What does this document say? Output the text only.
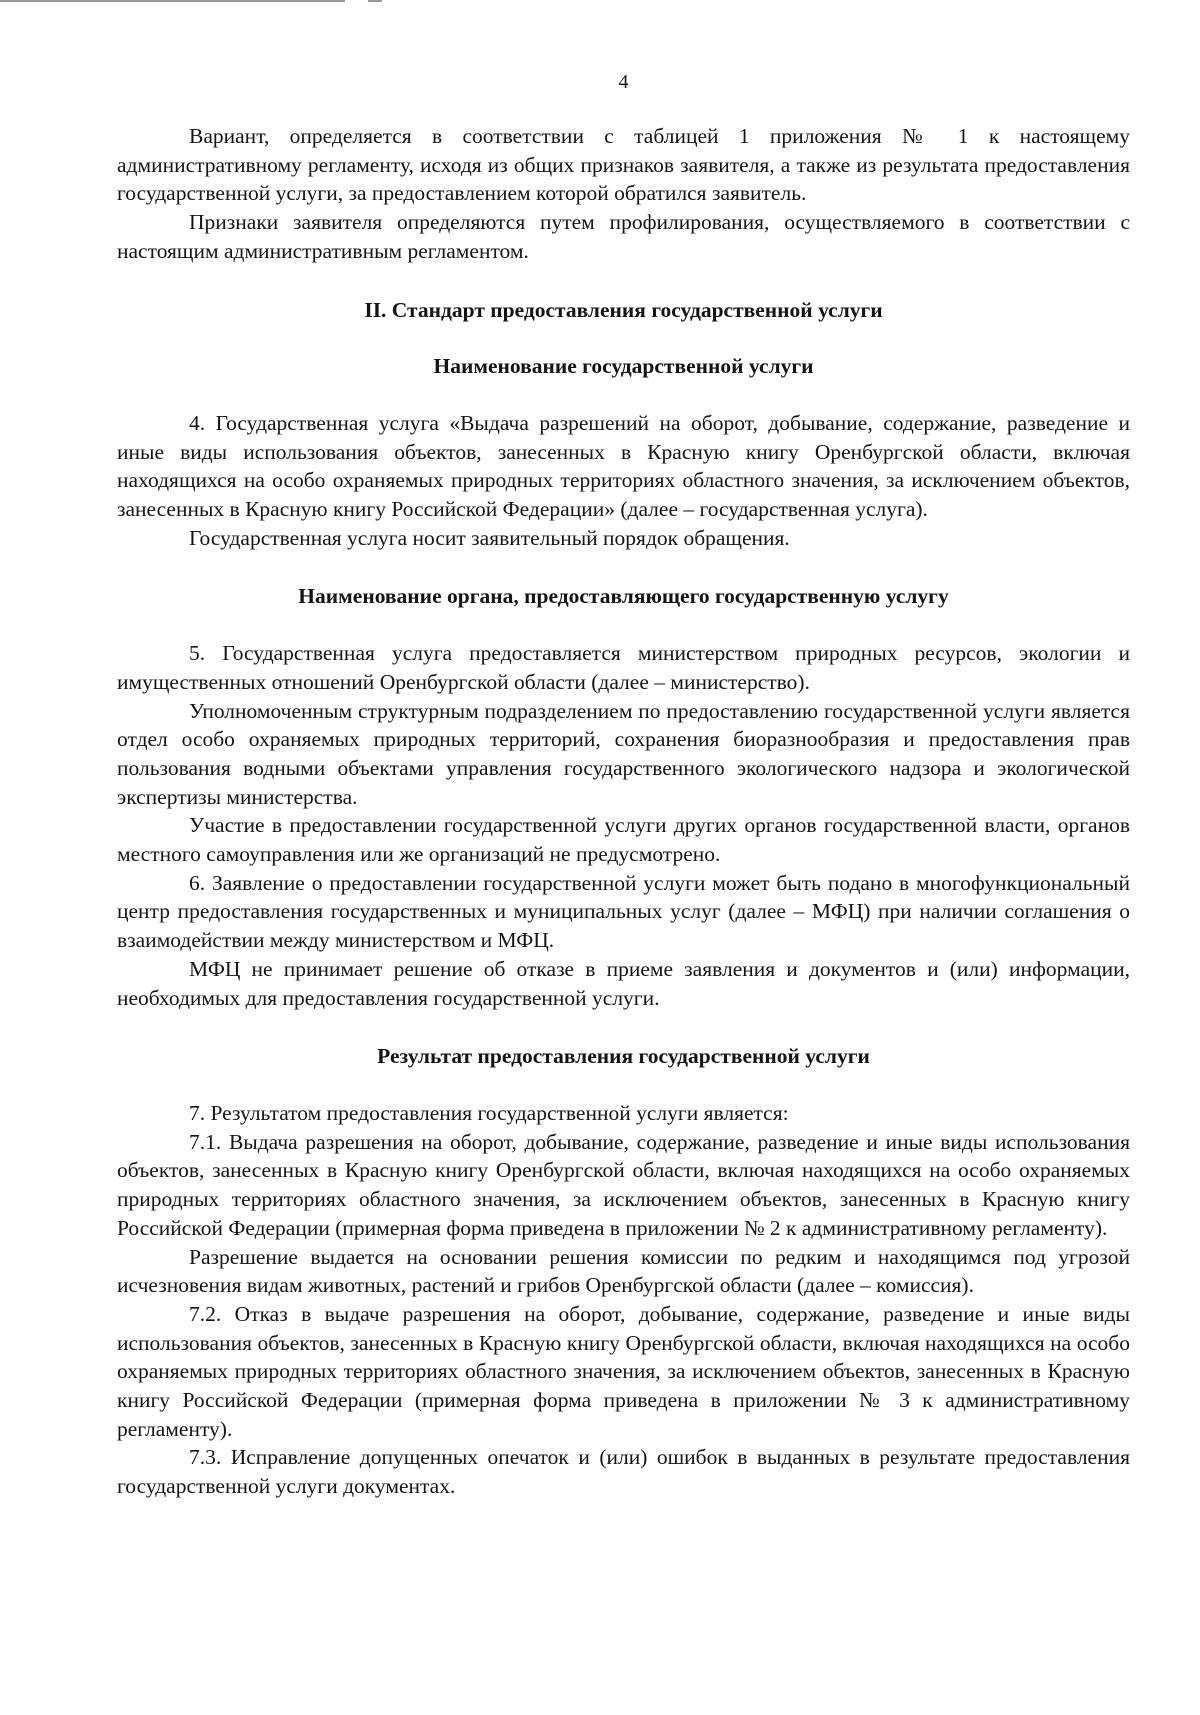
4

Вариант, определяется в соответствии с таблицей 1 приложения № 1 к настоящему административному регламенту, исходя из общих признаков заявителя, а также из результата предоставления государственной услуги, за предоставлением которой обратился заявитель.

Признаки заявителя определяются путем профилирования, осуществляемого в соответствии с настоящим административным регламентом.

II. Стандарт предоставления государственной услуги
Наименование государственной услуги

4. Государственная услуга «Выдача разрешений на оборот, добывание, содержание, разведение и иные виды использования объектов, занесенных в Красную книгу Оренбургской области, включая находящихся на особо охраняемых природных территориях областного значения, за исключением объектов, занесенных в Красную книгу Российской Федерации» (далее – государственная услуга).

Государственная услуга носит заявительный порядок обращения.

Наименование органа, предоставляющего государственную услугу

5. Государственная услуга предоставляется министерством природных ресурсов, экологии и имущественных отношений Оренбургской области (далее – министерство).

Уполномоченным структурным подразделением по предоставлению государственной услуги является отдел особо охраняемых природных территорий, сохранения биоразнообразия и предоставления прав пользования водными объектами управления государственного экологического надзора и экологической экспертизы министерства.

Участие в предоставлении государственной услуги других органов государственной власти, органов местного самоуправления или же организаций не предусмотрено.

6. Заявление о предоставлении государственной услуги может быть подано в многофункциональный центр предоставления государственных и муниципальных услуг (далее – МФЦ) при наличии соглашения о взаимодействии между министерством и МФЦ.

МФЦ не принимает решение об отказе в приеме заявления и документов и (или) информации, необходимых для предоставления государственной услуги.

Результат предоставления государственной услуги

7. Результатом предоставления государственной услуги является:

7.1. Выдача разрешения на оборот, добывание, содержание, разведение и иные виды использования объектов, занесенных в Красную книгу Оренбургской области, включая находящихся на особо охраняемых природных территориях областного значения, за исключением объектов, занесенных в Красную книгу Российской Федерации (примерная форма приведена в приложении № 2 к административному регламенту).

Разрешение выдается на основании решения комиссии по редким и находящимся под угрозой исчезновения видам животных, растений и грибов Оренбургской области (далее – комиссия).

7.2. Отказ в выдаче разрешения на оборот, добывание, содержание, разведение и иные виды использования объектов, занесенных в Красную книгу Оренбургской области, включая находящихся на особо охраняемых природных территориях областного значения, за исключением объектов, занесенных в Красную книгу Российской Федерации (примерная форма приведена в приложении № 3 к административному регламенту).

7.3. Исправление допущенных опечаток и (или) ошибок в выданных в результате предоставления государственной услуги документах.
